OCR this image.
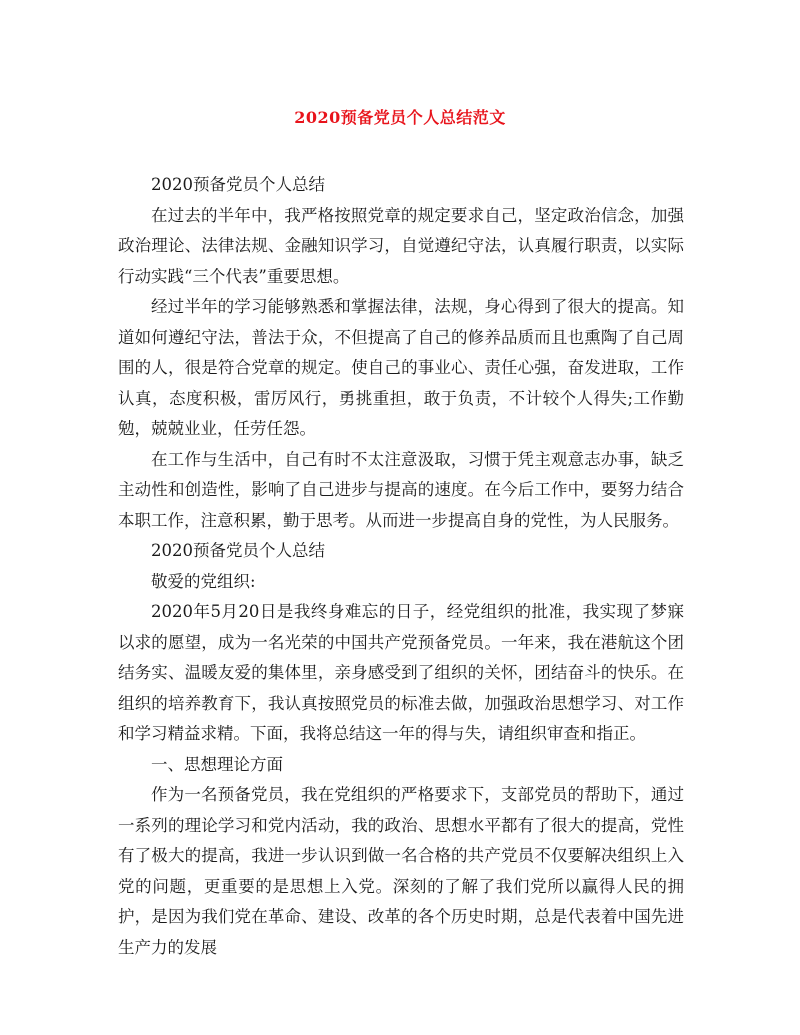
2020预备党员个人总结范文

2020预备党员个人总结

在过去的半年中，我严格按照党章的规定要求自己，坚定政治信念，加强政治理论、法律法规、金融知识学习，自觉遵纪守法，认真履行职责，以实际行动实践“三个代表”重要思想。

经过半年的学习能够熟悉和掌握法律，法规，身心得到了很大的提高。知道如何遵纪守法，普法于众，不但提高了自己的修养品质而且也熏陶了自己周围的人，很是符合党章的规定。使自己的事业心、责任心强，奋发进取，工作认真，态度积极，雷厉风行，勇挑重担，敢于负责，不计较个人得失;工作勤勉，兢兢业业，任劳任怨。

在工作与生活中，自己有时不太注意汲取，习惯于凭主观意志办事，缺乏主动性和创造性，影响了自己进步与提高的速度。在今后工作中，要努力结合本职工作，注意积累，勤于思考。从而进一步提高自身的党性，为人民服务。

2020预备党员个人总结

敬爱的党组织:

2020年5月20日是我终身难忘的日子，经党组织的批准，我实现了梦寐以求的愿望，成为一名光荣的中国共产党预备党员。一年来，我在港航这个团结务实、温暖友爱的集体里，亲身感受到了组织的关怀，团结奋斗的快乐。在组织的培养教育下，我认真按照党员的标准去做，加强政治思想学习、对工作和学习精益求精。下面，我将总结这一年的得与失，请组织审查和指正。

一、思想理论方面

作为一名预备党员，我在党组织的严格要求下，支部党员的帮助下，通过一系列的理论学习和党内活动，我的政治、思想水平都有了很大的提高，党性有了极大的提高，我进一步认识到做一名合格的共产党员不仅要解决组织上入党的问题，更重要的是思想上入党。深刻的了解了我们党所以赢得人民的拥护，是因为我们党在革命、建设、改革的各个历史时期，总是代表着中国先进生产力的发展
